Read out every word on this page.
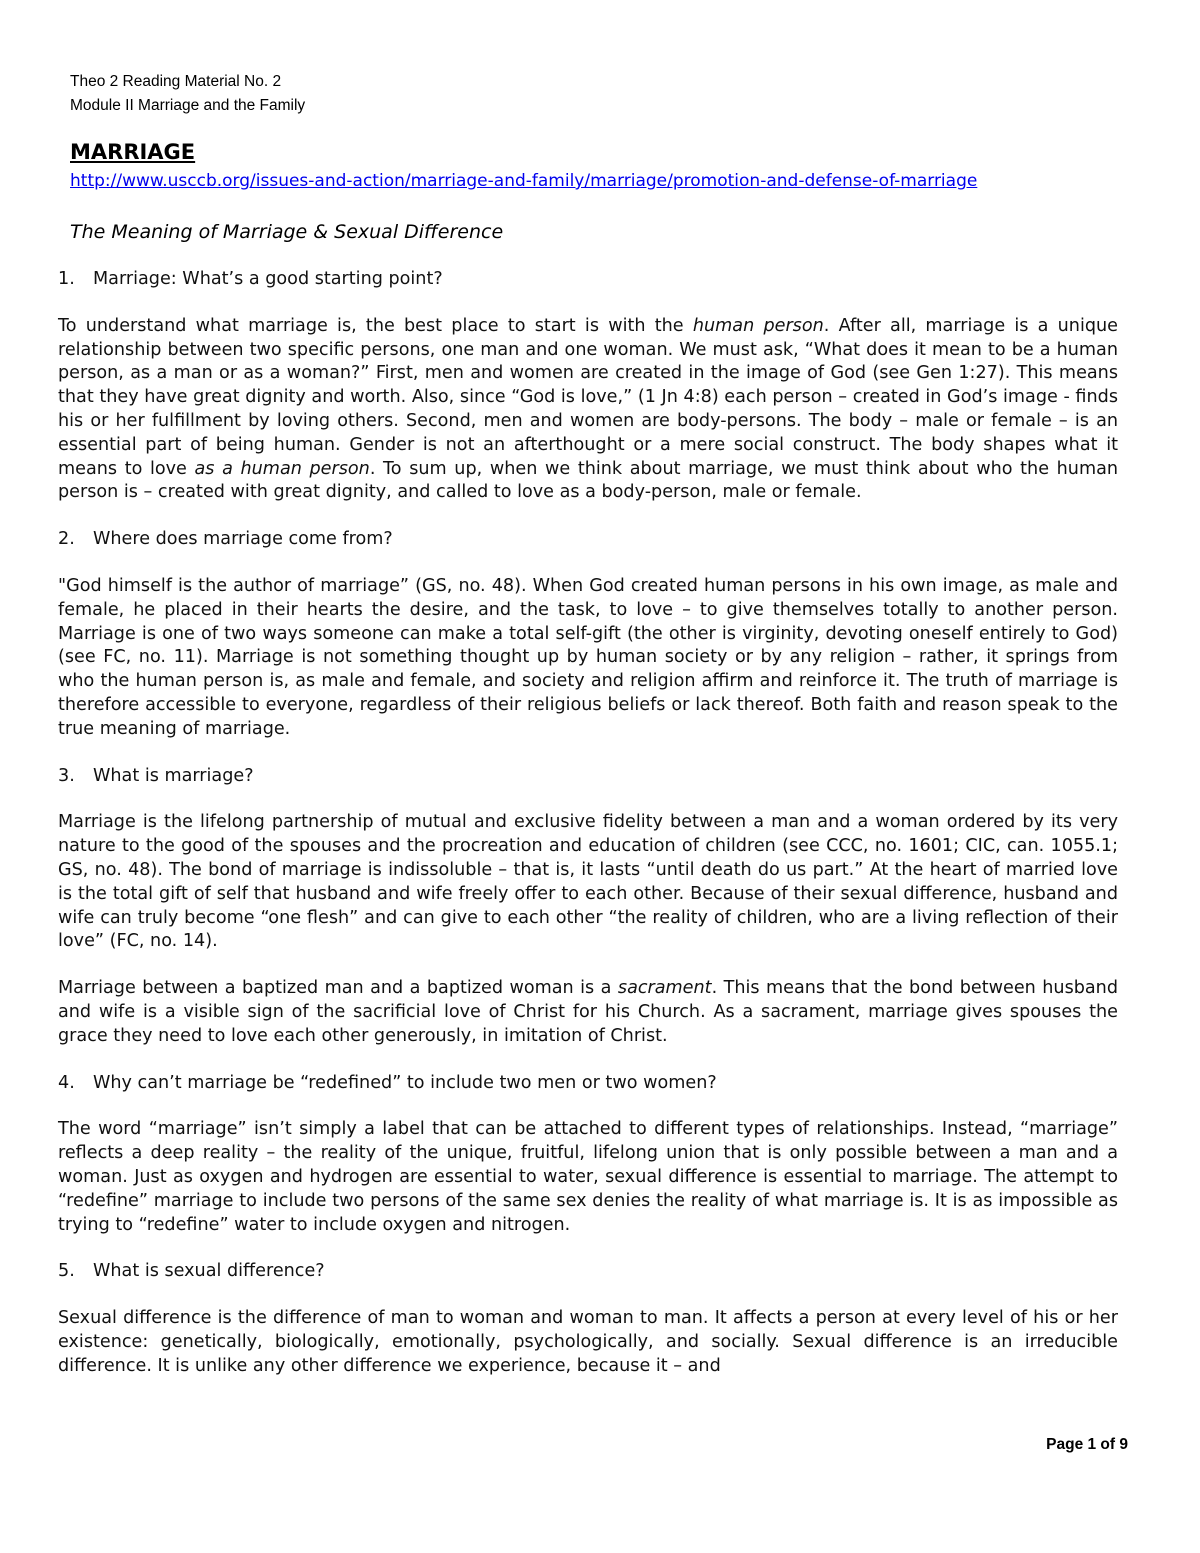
Theo 2 Reading Material No. 2
Module II Marriage and the Family
MARRIAGE
http://www.usccb.org/issues-and-action/marriage-and-family/marriage/promotion-and-defense-of-marriage
The Meaning of Marriage & Sexual Difference
1. Marriage: What’s a good starting point?
To understand what marriage is, the best place to start is with the human person. After all, marriage is a unique relationship between two specific persons, one man and one woman. We must ask, “What does it mean to be a human person, as a man or as a woman?” First, men and women are created in the image of God (see Gen 1:27). This means that they have great dignity and worth. Also, since “God is love,” (1 Jn 4:8) each person – created in God’s image - finds his or her fulfillment by loving others. Second, men and women are body-persons. The body – male or female – is an essential part of being human. Gender is not an afterthought or a mere social construct. The body shapes what it means to love as a human person. To sum up, when we think about marriage, we must think about who the human person is – created with great dignity, and called to love as a body-person, male or female.
2. Where does marriage come from?
"God himself is the author of marriage” (GS, no. 48). When God created human persons in his own image, as male and female, he placed in their hearts the desire, and the task, to love – to give themselves totally to another person. Marriage is one of two ways someone can make a total self-gift (the other is virginity, devoting oneself entirely to God) (see FC, no. 11). Marriage is not something thought up by human society or by any religion – rather, it springs from who the human person is, as male and female, and society and religion affirm and reinforce it. The truth of marriage is therefore accessible to everyone, regardless of their religious beliefs or lack thereof. Both faith and reason speak to the true meaning of marriage.
3. What is marriage?
Marriage is the lifelong partnership of mutual and exclusive fidelity between a man and a woman ordered by its very nature to the good of the spouses and the procreation and education of children (see CCC, no. 1601; CIC, can. 1055.1; GS, no. 48). The bond of marriage is indissoluble – that is, it lasts “until death do us part.” At the heart of married love is the total gift of self that husband and wife freely offer to each other. Because of their sexual difference, husband and wife can truly become “one flesh” and can give to each other “the reality of children, who are a living reflection of their love” (FC, no. 14).
Marriage between a baptized man and a baptized woman is a sacrament. This means that the bond between husband and wife is a visible sign of the sacrificial love of Christ for his Church. As a sacrament, marriage gives spouses the grace they need to love each other generously, in imitation of Christ.
4. Why can’t marriage be “redefined” to include two men or two women?
The word “marriage” isn’t simply a label that can be attached to different types of relationships. Instead, “marriage” reflects a deep reality – the reality of the unique, fruitful, lifelong union that is only possible between a man and a woman. Just as oxygen and hydrogen are essential to water, sexual difference is essential to marriage. The attempt to “redefine” marriage to include two persons of the same sex denies the reality of what marriage is. It is as impossible as trying to “redefine” water to include oxygen and nitrogen.
5. What is sexual difference?
Sexual difference is the difference of man to woman and woman to man. It affects a person at every level of his or her existence: genetically, biologically, emotionally, psychologically, and socially. Sexual difference is an irreducible difference. It is unlike any other difference we experience, because it – and
Page 1 of 9
